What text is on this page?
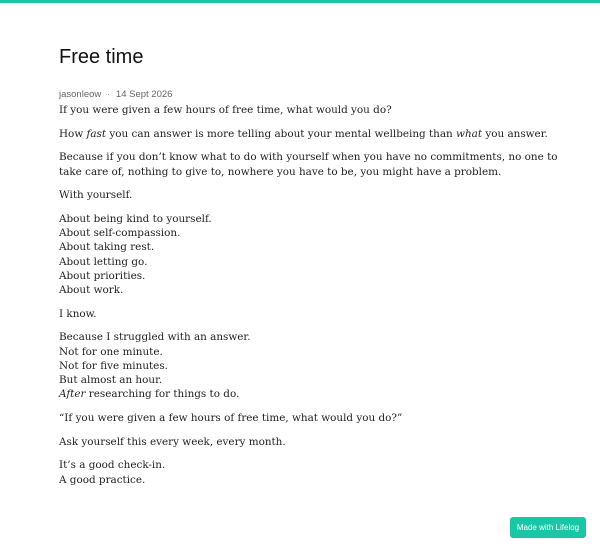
Free time
jasonleow · 14 Sept 2026

If you were given a few hours of free time, what would you do?

How fast you can answer is more telling about your mental wellbeing than what you answer.

Because if you don’t know what to do with yourself when you have no commitments, no one to take care of, nothing to give to, nowhere you have to be, you might have a problem.

With yourself.

About being kind to yourself.
About self-compassion.
About taking rest.
About letting go.
About priorities.
About work.

I know.

Because I struggled with an answer.
Not for one minute.
Not for five minutes.
But almost an hour.
After researching for things to do.

“If you were given a few hours of free time, what would you do?”

Ask yourself this every week, every month.

It’s a good check-in.
A good practice.

Made with Lifelog
